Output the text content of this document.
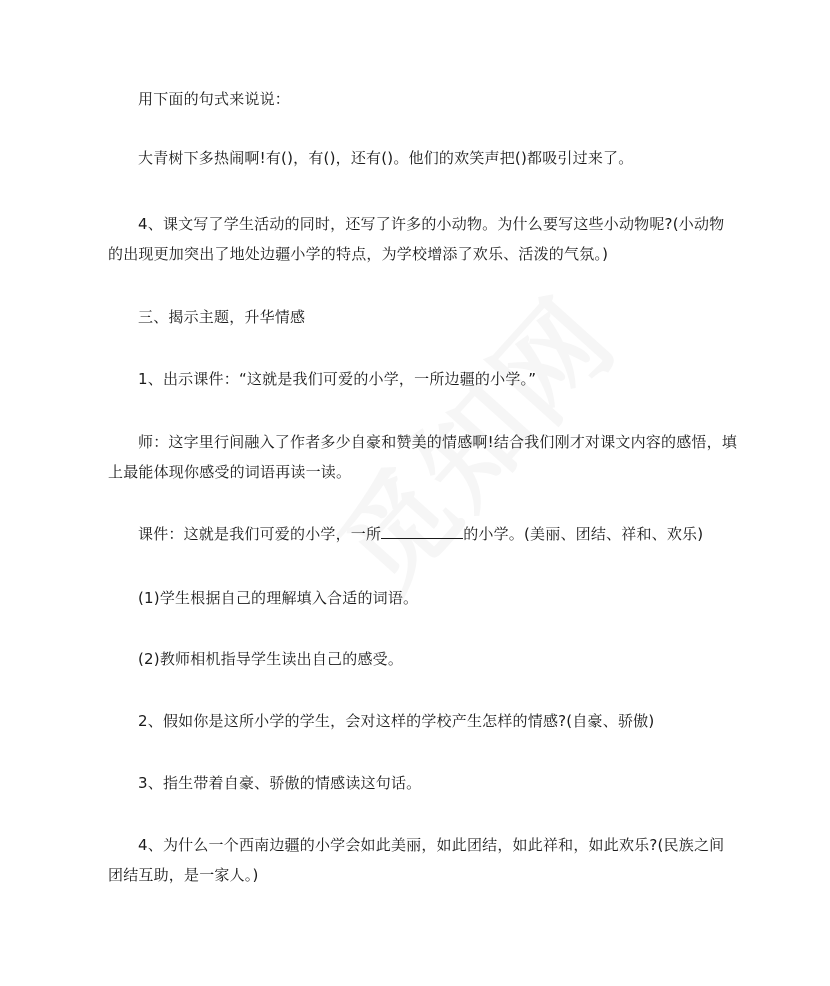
用下面的句式来说说：

大青树下多热闹啊!有()，有()，还有()。他们的欢笑声把()都吸引过来了。

4、课文写了学生活动的同时，还写了许多的小动物。为什么要写这些小动物呢?(小动物的出现更加突出了地处边疆小学的特点，为学校增添了欢乐、活泼的气氛。)

三、揭示主题，升华情感

1、出示课件：“这就是我们可爱的小学，一所边疆的小学。”

师：这字里行间融入了作者多少自豪和赞美的情感啊!结合我们刚才对课文内容的感悟，填上最能体现你感受的词语再读一读。

课件：这就是我们可爱的小学，一所	的小学。(美丽、团结、祥和、欢乐)

(1)学生根据自己的理解填入合适的词语。

(2)教师相机指导学生读出自己的感受。

2、假如你是这所小学的学生，会对这样的学校产生怎样的情感?(自豪、骄傲)

3、指生带着自豪、骄傲的情感读这句话。

4、为什么一个西南边疆的小学会如此美丽，如此团结，如此祥和，如此欢乐?(民族之间团结互助，是一家人。)
